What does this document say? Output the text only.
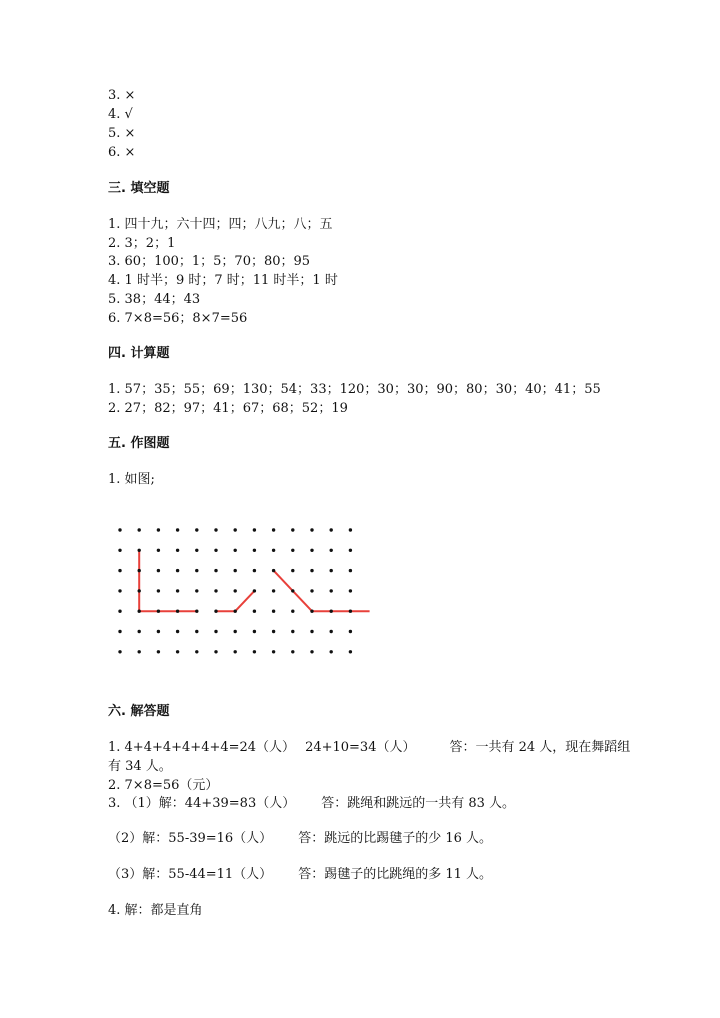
3. ×
4. √
5. ×
6. ×
三. 填空题
1. 四十九；六十四；四；八九；八；五
2. 3；2；1
3. 60；100；1；5；70；80；95
4. 1 时半；9 时；7 时；11 时半；1 时
5. 38；44；43
6. 7×8=56；8×7=56
四. 计算题
1. 57；35；55；69；130；54；33；120；30；30；90；80；30；40；41；55
2. 27；82；97；41；67；68；52；19
五. 作图题
1. 如图;
六. 解答题
1. 4+4+4+4+4+4=24（人） 24+10=34（人）	答：一共有 24 人，现在舞蹈组
有 34 人。
2. 7×8=56（元）
3. （1）解：44+39=83（人） 答：跳绳和跳远的一共有 83 人。
（2）解：55-39=16（人） 答：跳远的比踢毽子的少 16 人。
（3）解：55-44=11（人） 答：踢毽子的比跳绳的多 11 人。
4. 解：都是直角
